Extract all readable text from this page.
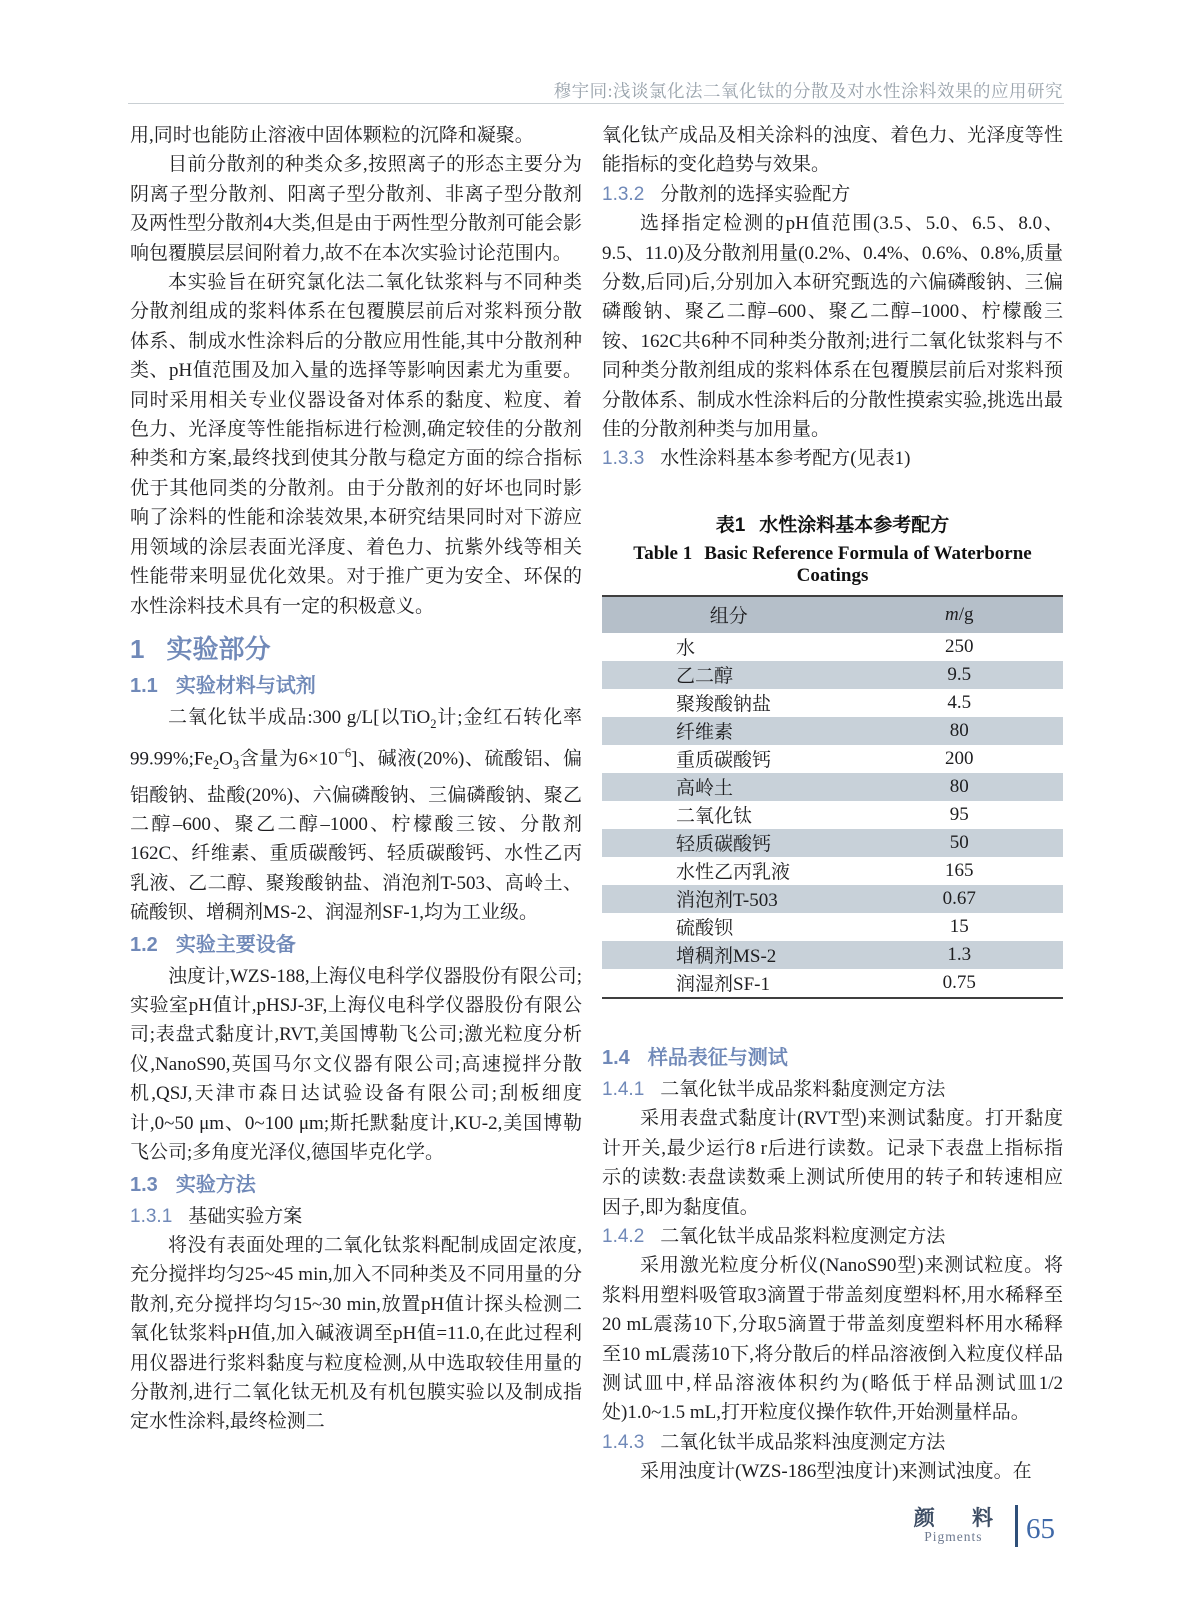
穆宇同:浅谈氯化法二氧化钛的分散及对水性涂料效果的应用研究

用,同时也能防止溶液中固体颗粒的沉降和凝聚。

目前分散剂的种类众多,按照离子的形态主要分为阴离子型分散剂、阳离子型分散剂、非离子型分散剂及两性型分散剂4大类,但是由于两性型分散剂可能会影响包覆膜层层间附着力,故不在本次实验讨论范围内。

本实验旨在研究氯化法二氧化钛浆料与不同种类分散剂组成的浆料体系在包覆膜层前后对浆料预分散体系、制成水性涂料后的分散应用性能,其中分散剂种类、pH值范围及加入量的选择等影响因素尤为重要。同时采用相关专业仪器设备对体系的黏度、粒度、着色力、光泽度等性能指标进行检测,确定较佳的分散剂种类和方案,最终找到使其分散与稳定方面的综合指标优于其他同类的分散剂。由于分散剂的好坏也同时影响了涂料的性能和涂装效果,本研究结果同时对下游应用领域的涂层表面光泽度、着色力、抗紫外线等相关性能带来明显优化效果。对于推广更为安全、环保的水性涂料技术具有一定的积极意义。

1 实验部分
1.1 实验材料与试剂

二氧化钛半成品:300 g/L[以TiO$_2$计;金红石转化率$99.99\%;Fe_2O_3$含量为$6\times 10^{-6}$]、碱液(20%)、硫酸铝、偏铝酸钠、盐酸(20%)、六偏磷酸钠、三偏磷酸钠、聚乙二醇–600、聚乙二醇–1000、柠檬酸三铵、分散剂162C、纤维素、重质碳酸钙、轻质碳酸钙、水性乙丙乳液、乙二醇、聚羧酸钠盐、消泡剂T-503、高岭土、硫酸钡、增稠剂MS-2、润湿剂SF-1,均为工业级。

1.2 实验主要设备

浊度计,WZS-188,上海仪电科学仪器股份有限公司;实验室pH值计,pHSJ-3F,上海仪电科学仪器股份有限公司;表盘式黏度计,RVT,美国博勒飞公司;激光粒度分析仪,NanoS90,英国马尔文仪器有限公司;高速搅拌分散机,QSJ,天津市森日达试验设备有限公司;刮板细度计,0~50 μm、0~100 μm;斯托默黏度计,KU-2,美国博勒飞公司;多角度光泽仪,德国毕克化学。

1.3 实验方法
1.3.1 基础实验方案

将没有表面处理的二氧化钛浆料配制成固定浓度,充分搅拌均匀25~45 min,加入不同种类及不同用量的分散剂,充分搅拌均匀15~30 min,放置pH值计探头检测二氧化钛浆料pH值,加入碱液调至pH值=11.0,在此过程利用仪器进行浆料黏度与粒度检测,从中选取较佳用量的分散剂,进行二氧化钛无机及有机包膜实验以及制成指定水性涂料,最终检测二

氧化钛产成品及相关涂料的浊度、着色力、光泽度等性能指标的变化趋势与效果。

1.3.2 分散剂的选择实验配方

选择指定检测的pH值范围(3.5、5.0、6.5、8.0、9.5、11.0)及分散剂用量(0.2%、0.4%、0.6%、0.8%,质量分数,后同)后,分别加入本研究甄选的六偏磷酸钠、三偏磷酸钠、聚乙二醇–600、聚乙二醇–1000、柠檬酸三铵、162C共6种不同种类分散剂;进行二氧化钛浆料与不同种类分散剂组成的浆料体系在包覆膜层前后对浆料预分散体系、制成水性涂料后的分散性摸索实验,挑选出最佳的分散剂种类与加用量。

1.3.3 水性涂料基本参考配方(见表1)

表1 水性涂料基本参考配方

Table 1 Basic Reference Formula of Waterborne Coatings

组分	m/g
水	250
乙二醇	9.5
聚羧酸钠盐	4.5
纤维素	80
重质碳酸钙	200
高岭土	80
二氧化钛	95
轻质碳酸钙	50
水性乙丙乳液	165
消泡剂T-503	0.67
硫酸钡	15
增稠剂MS-2	1.3
润湿剂SF-1	0.75
1.4 样品表征与测试
1.4.1 二氧化钛半成品浆料黏度测定方法

采用表盘式黏度计(RVT型)来测试黏度。打开黏度计开关,最少运行8 r后进行读数。记录下表盘上指标指示的读数:表盘读数乘上测试所使用的转子和转速相应因子,即为黏度值。

1.4.2 二氧化钛半成品浆料粒度测定方法

采用激光粒度分析仪(NanoS90型)来测试粒度。将浆料用塑料吸管取3滴置于带盖刻度塑料杯,用水稀释至20 mL震荡10下,分取5滴置于带盖刻度塑料杯用水稀释至10 mL震荡10下,将分散后的样品溶液倒入粒度仪样品测试皿中,样品溶液体积约为(略低于样品测试皿1/2处)1.0~1.5 mL,打开粒度仪操作软件,开始测量样品。

1.4.3 二氧化钛半成品浆料浊度测定方法

采用浊度计(WZS-186型浊度计)来测试浊度。在

颜 料
Pigments 65
